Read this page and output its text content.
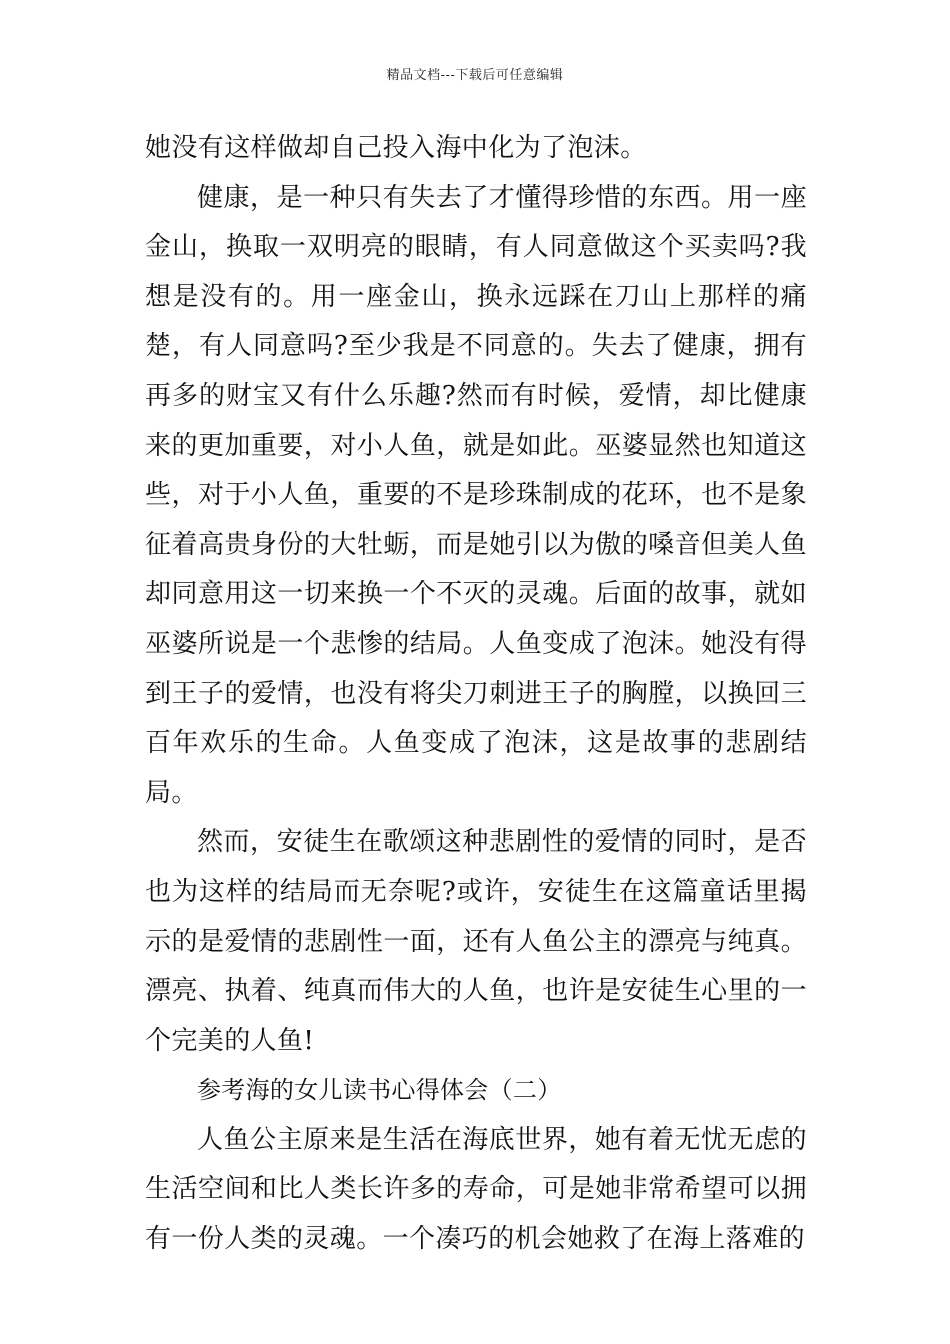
精品文档---下载后可任意编辑

她没有这样做却自己投入海中化为了泡沫。

健康，是一种只有失去了才懂得珍惜的东西。用一座金山，换取一双明亮的眼睛，有人同意做这个买卖吗?我想是没有的。用一座金山，换永远踩在刀山上那样的痛楚，有人同意吗?至少我是不同意的。失去了健康，拥有再多的财宝又有什么乐趣?然而有时候，爱情，却比健康来的更加重要，对小人鱼，就是如此。巫婆显然也知道这些，对于小人鱼，重要的不是珍珠制成的花环，也不是象征着高贵身份的大牡蛎，而是她引以为傲的嗓音但美人鱼却同意用这一切来换一个不灭的灵魂。后面的故事，就如巫婆所说是一个悲惨的结局。人鱼变成了泡沫。她没有得到王子的爱情，也没有将尖刀刺进王子的胸膛，以换回三百年欢乐的生命。人鱼变成了泡沫，这是故事的悲剧结局。

然而，安徒生在歌颂这种悲剧性的爱情的同时，是否也为这样的结局而无奈呢?或许，安徒生在这篇童话里揭示的是爱情的悲剧性一面，还有人鱼公主的漂亮与纯真。漂亮、执着、纯真而伟大的人鱼，也许是安徒生心里的一个完美的人鱼!

参考海的女儿读书心得体会（二）

人鱼公主原来是生活在海底世界，她有着无忧无虑的生活空间和比人类长许多的寿命，可是她非常希望可以拥有一份人类的灵魂。一个凑巧的机会她救了在海上落难的
